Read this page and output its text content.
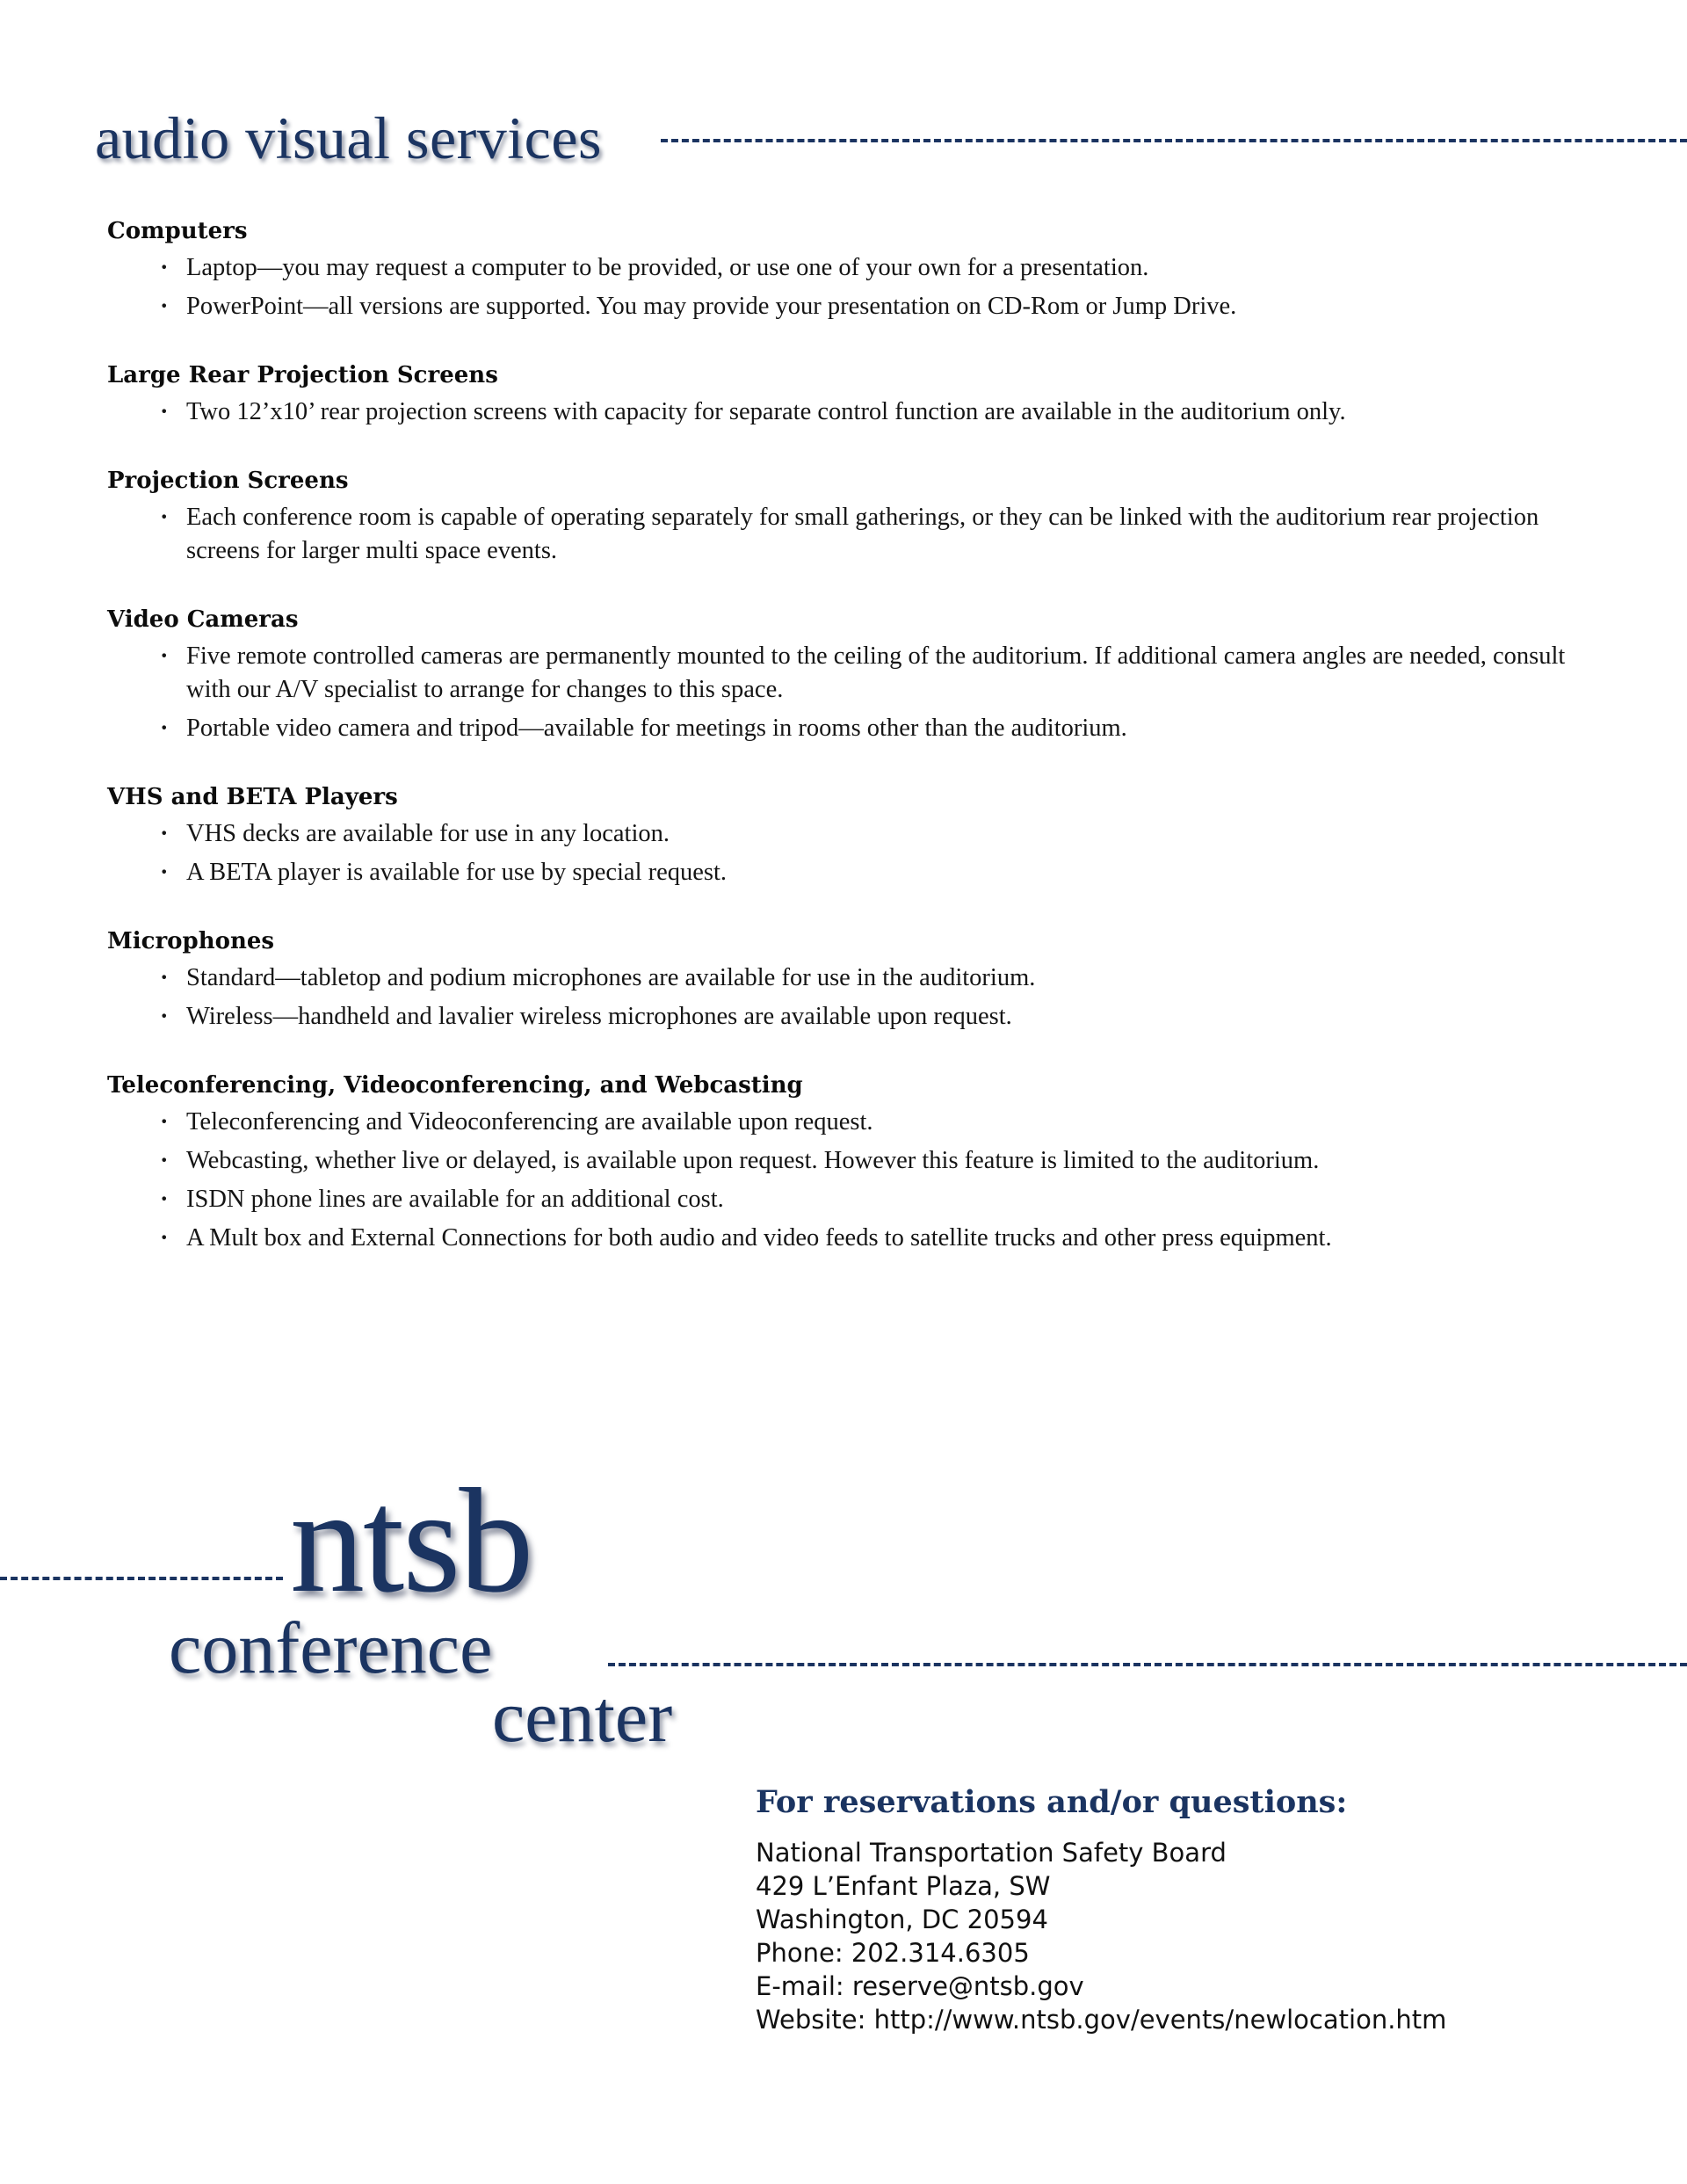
audio visual services
Computers
· Laptop—you may request a computer to be provided, or use one of your own for a presentation.
· PowerPoint—all versions are supported. You may provide your presentation on CD-Rom or Jump Drive.
Large Rear Projection Screens
· Two 12’x10’ rear projection screens with capacity for separate control function are available in the auditorium only.
Projection Screens
· Each conference room is capable of operating separately for small gatherings, or they can be linked with the auditorium rear projection screens for larger multi space events.
Video Cameras
· Five remote controlled cameras are permanently mounted to the ceiling of the auditorium. If additional camera angles are needed, consult with our A/V specialist to arrange for changes to this space.
· Portable video camera and tripod—available for meetings in rooms other than the auditorium.
VHS and BETA Players
· VHS decks are available for use in any location.
· A BETA player is available for use by special request.
Microphones
· Standard—tabletop and podium microphones are available for use in the auditorium.
· Wireless—handheld and lavalier wireless microphones are available upon request.
Teleconferencing, Videoconferencing, and Webcasting
· Teleconferencing and Videoconferencing are available upon request.
· Webcasting, whether live or delayed, is available upon request. However this feature is limited to the auditorium.
· ISDN phone lines are available for an additional cost.
· A Mult box and External Connections for both audio and video feeds to satellite trucks and other press equipment.
ntsb
conference
center
For reservations and/or questions:
National Transportation Safety Board
429 L’Enfant Plaza, SW
Washington, DC 20594
Phone: 202.314.6305
E-mail: reserve@ntsb.gov
Website: http://www.ntsb.gov/events/newlocation.htm
